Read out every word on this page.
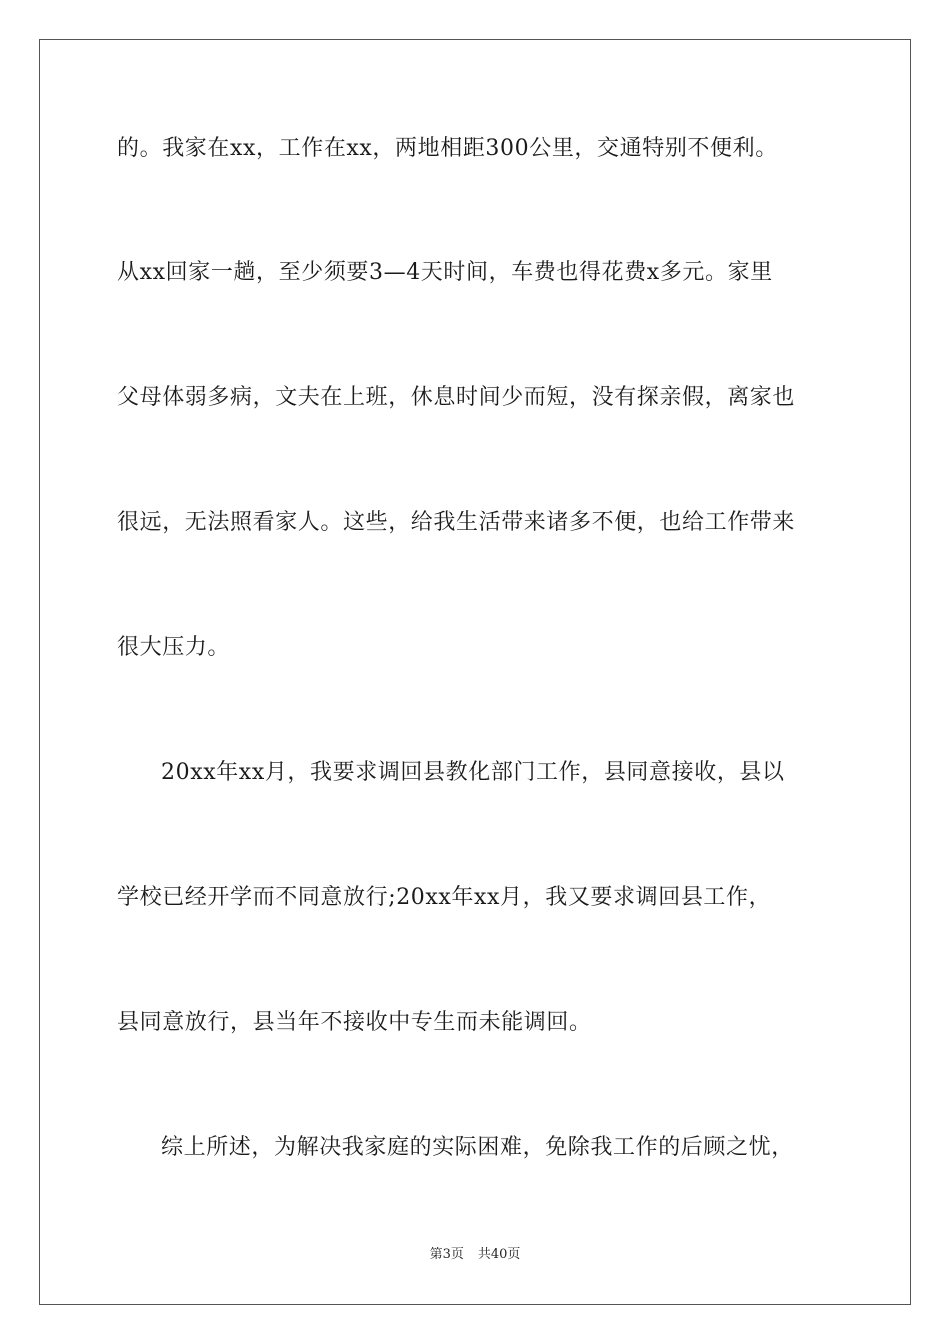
的。我家在xx，工作在xx，两地相距300公里，交通特别不便利。
从xx回家一趟，至少须要3—4天时间，车费也得花费x多元。家里
父母体弱多病，文夫在上班，休息时间少而短，没有探亲假，离家也
很远，无法照看家人。这些，给我生活带来诸多不便，也给工作带来
很大压力。
20xx年xx月，我要求调回县教化部门工作，县同意接收，县以
学校已经开学而不同意放行;20xx年xx月，我又要求调回县工作，
县同意放行，县当年不接收中专生而未能调回。
综上所述，为解决我家庭的实际困难，免除我工作的后顾之忧，
第3页 共40页
